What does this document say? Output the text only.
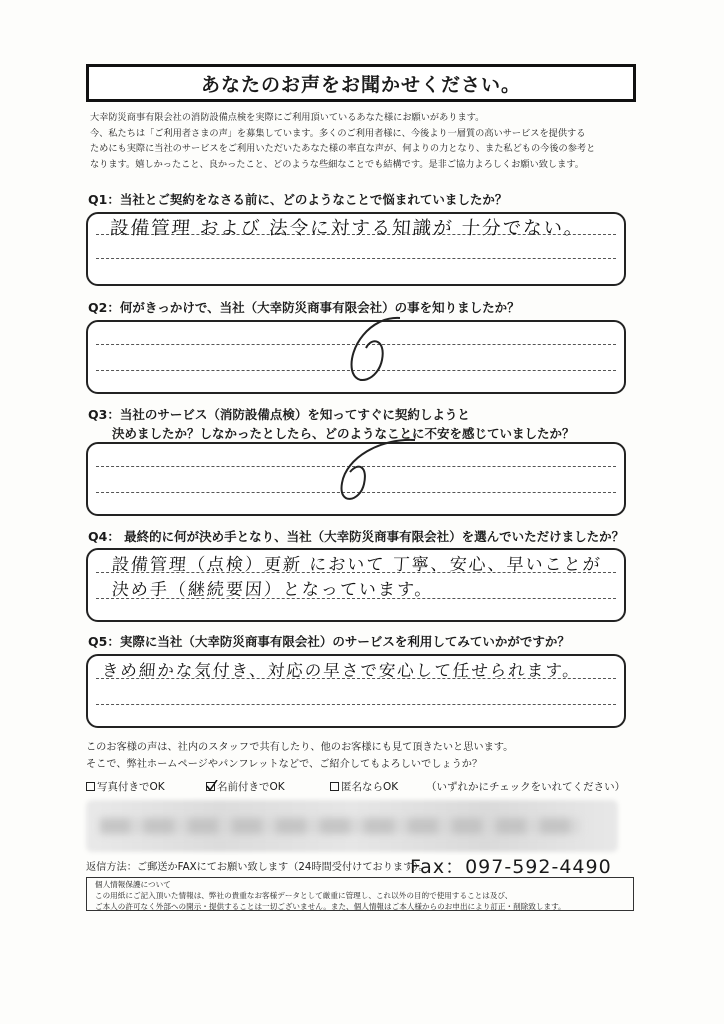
あなたのお声をお聞かせください。
大幸防災商事有限会社の消防設備点検を実際にご利用頂いているあなた様にお願いがあります。
今、私たちは「ご利用者さまの声」を募集しています。多くのご利用者様に、今後より一層質の高いサービスを提供する
ためにも実際に当社のサービスをご利用いただいたあなた様の率直な声が、何よりの力となり、また私どもの今後の参考と
なります。嬉しかったこと、良かったこと、どのような些細なことでも結構です。是非ご協力よろしくお願い致します。
Q1：当社とご契約をなさる前に、どのようなことで悩まれていましたか？
設備管理 および 法令に対する知識が 十分でない。
Q2：何がきっかけで、当社（大幸防災商事有限会社）の事を知りましたか？
Q3：当社のサービス（消防設備点検）を知ってすぐに契約しようと
決めましたか？しなかったとしたら、どのようなことに不安を感じていましたか？
Q4： 最終的に何が決め手となり、当社（大幸防災商事有限会社）を選んでいただけましたか？
設備管理（点検）更新 において 丁寧、安心、早いことが
決め手（継続要因）となっています。
Q5：実際に当社（大幸防災商事有限会社）のサービスを利用してみていかがですか？
きめ細かな気付き、対応の早さで安心して任せられます。
このお客様の声は、社内のスタッフで共有したり、他のお客様にも見て頂きたいと思います。
そこで、弊社ホームページやパンフレットなどで、ご紹介してもよろしいでしょうか？
写真付きでOK	名前付きでOK	匿名ならOK	（いずれかにチェックをいれてください）
返信方法：ご郵送かFAXにてお願い致します（24時間受付けております）。
Fax：097-592-4490
個人情報保護について
この用紙にご記入頂いた情報は、弊社の貴重なお客様データとして厳重に管理し、これ以外の目的で使用することは及び、
ご本人の許可なく外部への開示・提供することは一切ございません。また、個人情報はご本人様からのお申出により訂正・削除致します。
